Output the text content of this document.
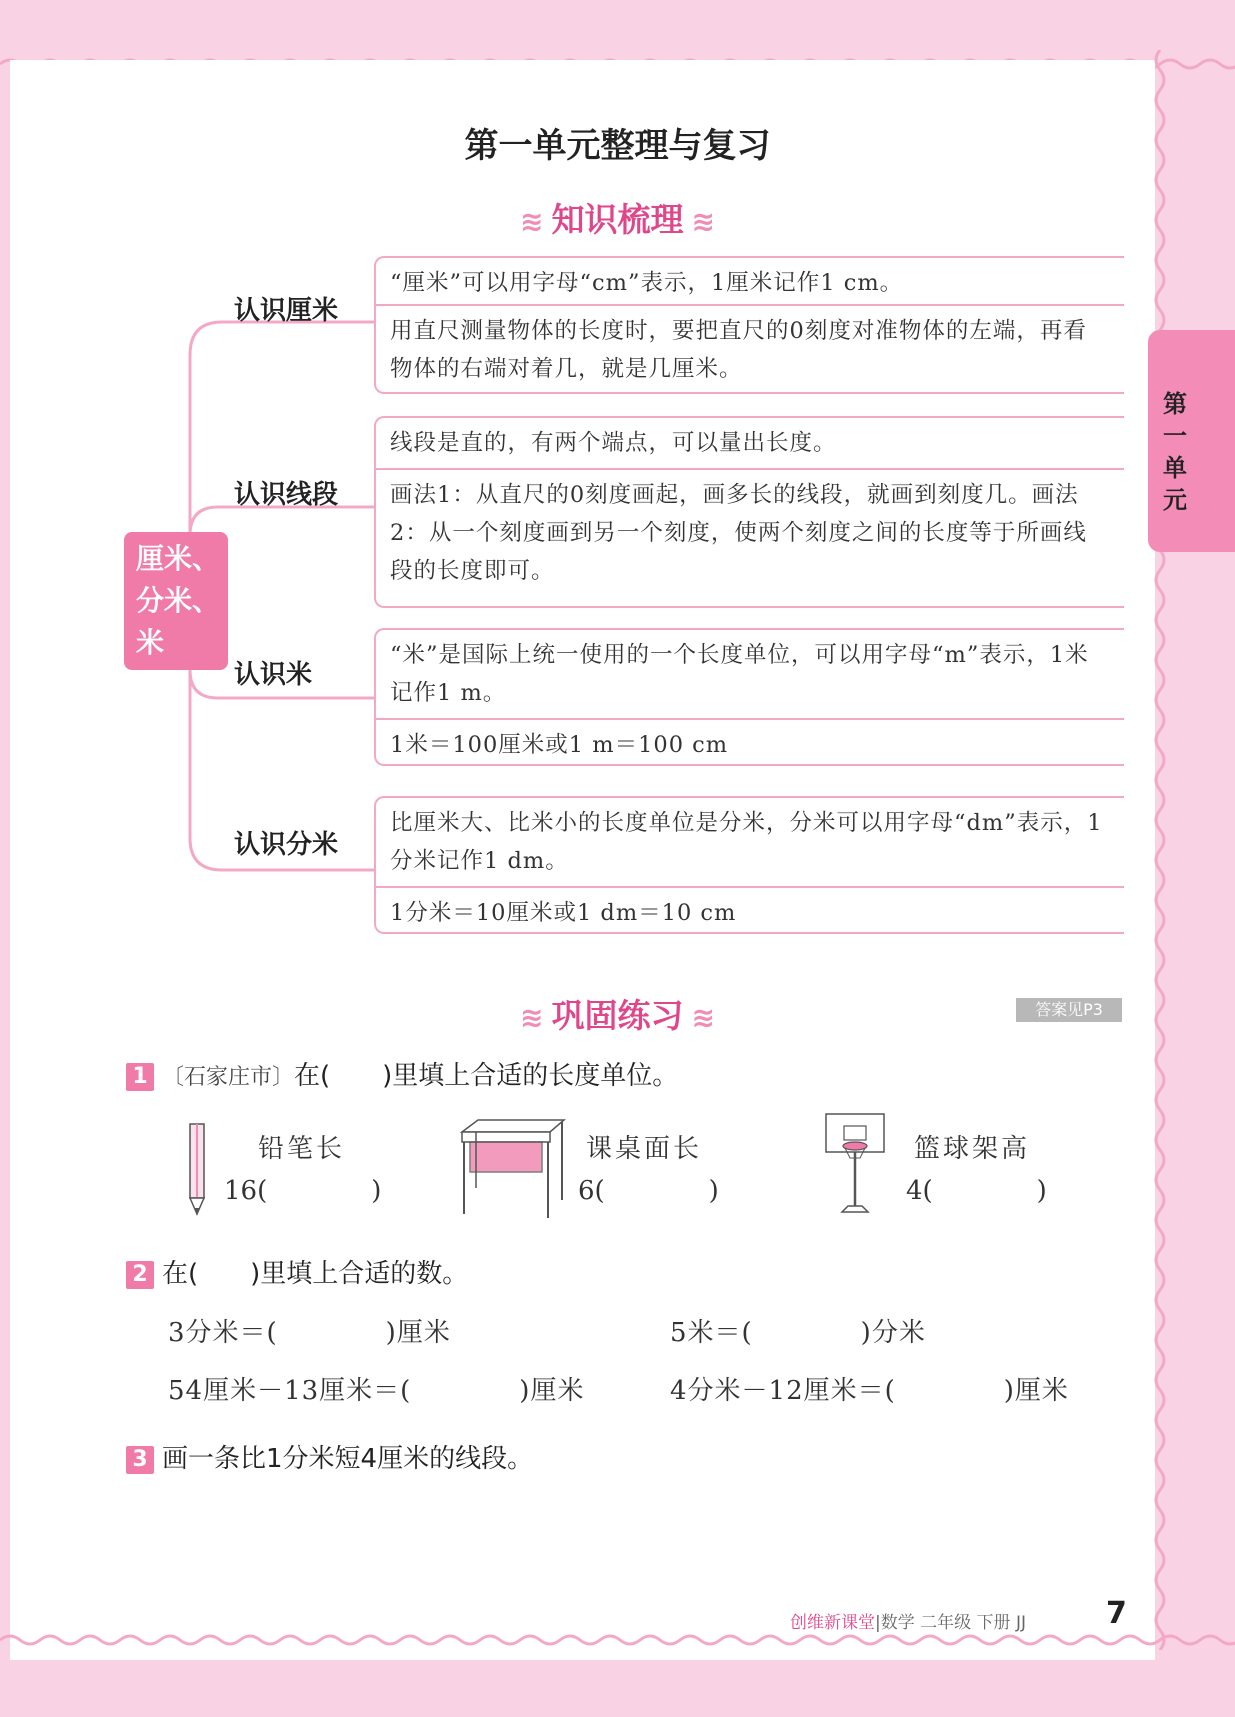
第一单元整理与复习
≋ 知识梳理 ≋
厘米、
分米、
米
认识厘米
“厘米”可以用字母“cm”表示，1厘米记作1 cm。
用直尺测量物体的长度时，要把直尺的0刻度对准物体的左端，再看物体的右端对着几，就是几厘米。
认识线段
线段是直的，有两个端点，可以量出长度。
画法1：从直尺的0刻度画起，画多长的线段，就画到刻度几。画法2：从一个刻度画到另一个刻度，使两个刻度之间的长度等于所画线段的长度即可。
认识米
“米”是国际上统一使用的一个长度单位，可以用字母“m”表示，1米记作1 m。
1米＝100厘米或1 m＝100 cm
认识分米
比厘米大、比米小的长度单位是分米，分米可以用字母“dm”表示，1分米记作1 dm。
1分米＝10厘米或1 dm＝10 cm
≋ 巩固练习 ≋	答案见P3
1 〔石家庄市〕在(　　)里填上合适的长度单位。
铅笔长
16(　　　　)
课桌面长
6(　　　　)
篮球架高
4(　　　　)
2 在(　　)里填上合适的数。
3分米＝(　　　　)厘米	5米＝(　　　　)分米
54厘米－13厘米＝(　　　　)厘米	4分米－12厘米＝(　　　　)厘米
3 画一条比1分米短4厘米的线段。
第
一
单
元
创维新课堂|数学 二年级 下册 JJ	7
